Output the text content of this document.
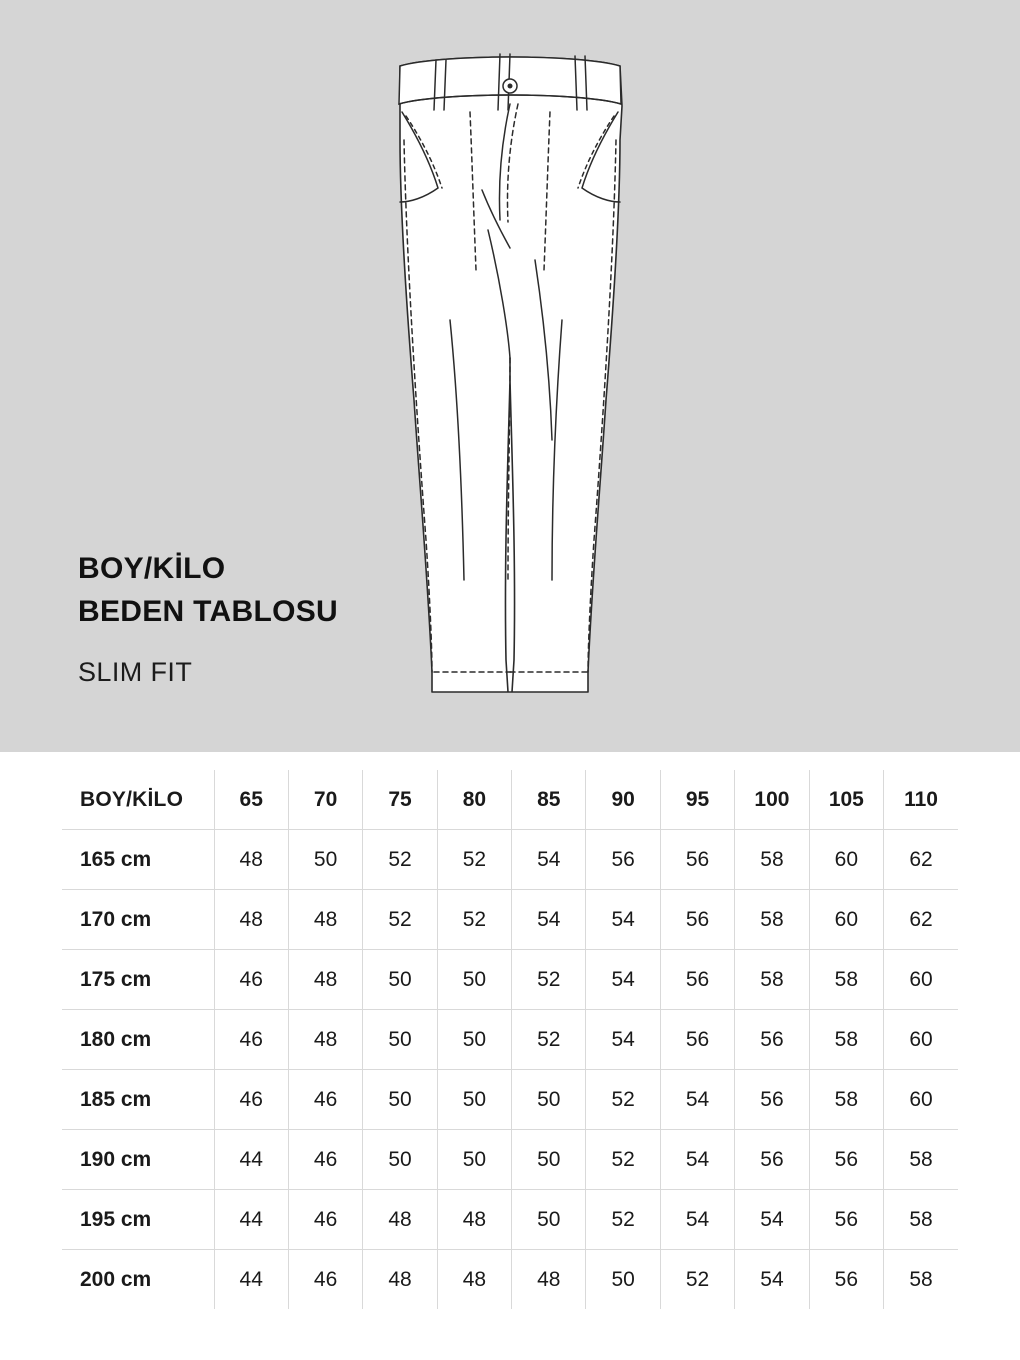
BOY/KİLO
BEDEN TABLOSU
SLIM FIT
BOY/KİLO	65	70	75	80	85	90	95	100	105	110
165 cm	48	50	52	52	54	56	56	58	60	62
170 cm	48	48	52	52	54	54	56	58	60	62
175 cm	46	48	50	50	52	54	56	58	58	60
180 cm	46	48	50	50	52	54	56	56	58	60
185 cm	46	46	50	50	50	52	54	56	58	60
190 cm	44	46	50	50	50	52	54	56	56	58
195 cm	44	46	48	48	50	52	54	54	56	58
200 cm	44	46	48	48	48	50	52	54	56	58
